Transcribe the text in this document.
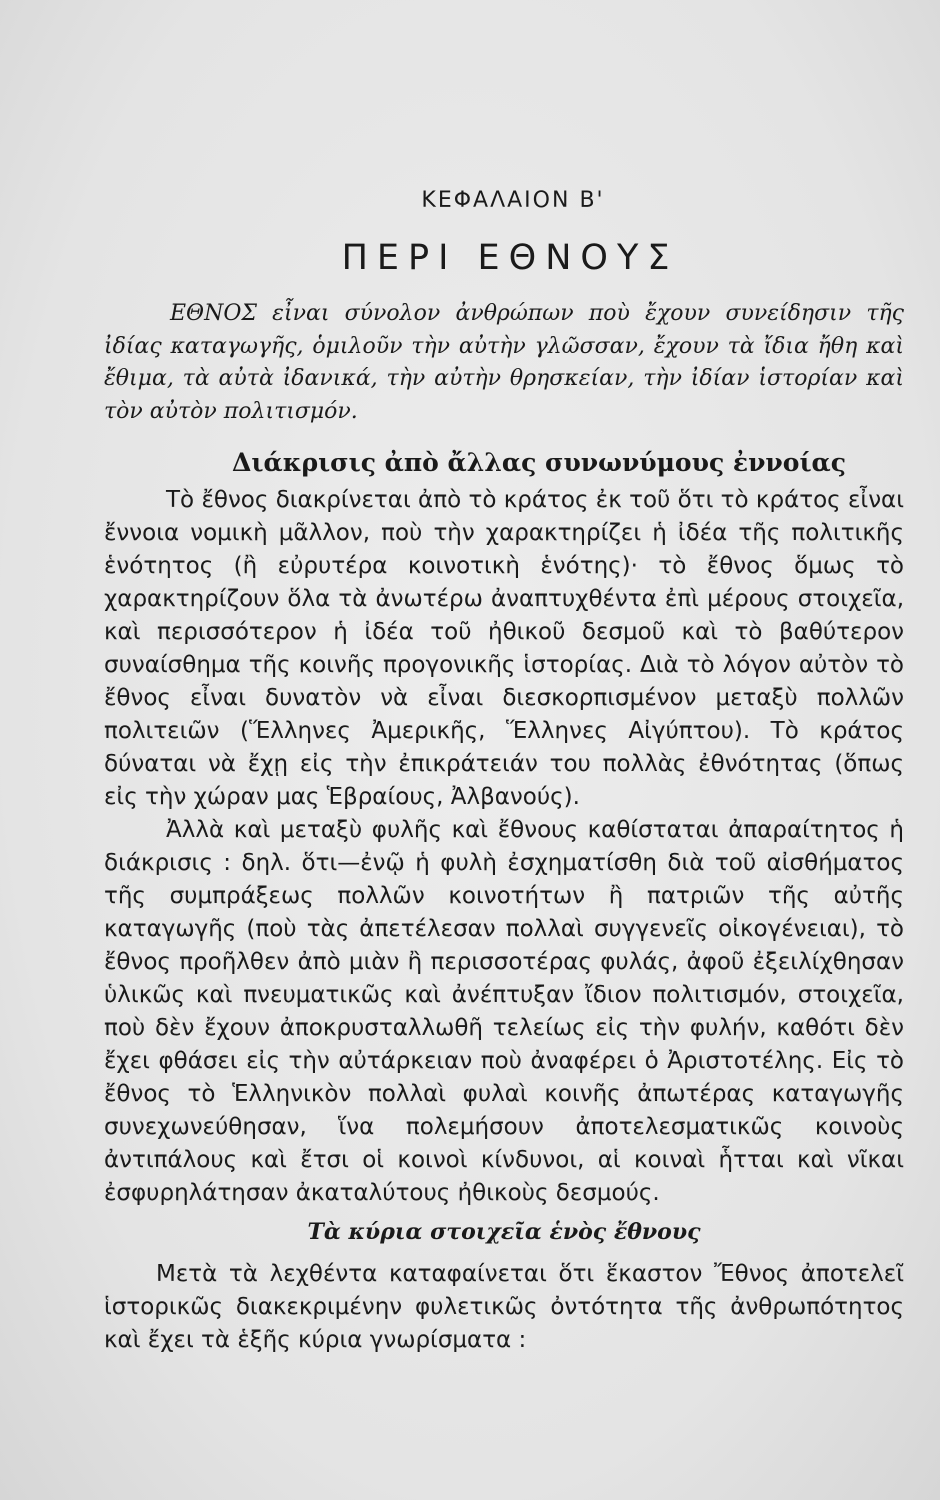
ΚΕΦΑΛΑΙΟΝ Β'
ΠΕΡΙ ΕΘΝΟΥΣ
ΕΘΝΟΣ εἶναι σύνολον ἀνθρώπων ποὺ ἔχουν συνείδησιν τῆς ἰδίας καταγωγῆς, ὁμιλοῦν τὴν αὐτὴν γλῶσσαν, ἔχουν τὰ ἴδια ἤθη καὶ ἔθιμα, τὰ αὐτὰ ἰδανικά, τὴν αὐτὴν θρησκείαν, τὴν ἰδίαν ἱστορίαν καὶ τὸν αὐτὸν πολιτισμόν.
Διάκρισις ἀπὸ ἄλλας συνωνύμους ἐννοίας

Τὸ ἔθνος διακρίνεται ἀπὸ τὸ κράτος ἐκ τοῦ ὅτι τὸ κράτος εἶναι ἔννοια νομικὴ μᾶλλον, ποὺ τὴν χαρακτηρίζει ἡ ἰδέα τῆς πολιτικῆς ἑνότητος (ἢ εὐρυτέρα κοινοτικὴ ἑνότης)· τὸ ἔθνος ὅμως τὸ χαρακτηρίζουν ὅλα τὰ ἀνωτέρω ἀναπτυχθέντα ἐπὶ μέρους στοιχεῖα, καὶ περισσότερον ἡ ἰδέα τοῦ ἠθικοῦ δεσμοῦ καὶ τὸ βαθύτερον συναίσθημα τῆς κοινῆς προγονικῆς ἱστορίας. Διὰ τὸ λόγον αὐτὸν τὸ ἔθνος εἶναι δυνατὸν νὰ εἶναι διεσκορπισμένον μεταξὺ πολλῶν πολιτειῶν (Ἕλληνες Ἀμερικῆς, Ἕλληνες Αἰγύπτου). Τὸ κράτος δύναται νὰ ἔχῃ εἰς τὴν ἐπικράτειάν του πολλὰς ἐθνότητας (ὅπως εἰς τὴν χώραν μας Ἑβραίους, Ἀλβανούς).

Ἀλλὰ καὶ μεταξὺ φυλῆς καὶ ἔθνους καθίσταται ἀπαραίτητος ἡ διάκρισις : δηλ. ὅτι—ἐνῷ ἡ φυλὴ ἐσχηματίσθη διὰ τοῦ αἰσθήματος τῆς συμπράξεως πολλῶν κοινοτήτων ἢ πατριῶν τῆς αὐτῆς καταγωγῆς (ποὺ τὰς ἀπετέλεσαν πολλαὶ συγγενεῖς οἰκογένειαι), τὸ ἔθνος προῆλθεν ἀπὸ μιὰν ἢ περισσοτέρας φυλάς, ἀφοῦ ἐξειλίχθησαν ὑλικῶς καὶ πνευματικῶς καὶ ἀνέπτυξαν ἴδιον πολιτισμόν, στοιχεῖα, ποὺ δὲν ἔχουν ἀποκρυσταλλωθῆ τελείως εἰς τὴν φυλήν, καθότι δὲν ἔχει φθάσει εἰς τὴν αὐτάρκειαν ποὺ ἀναφέρει ὁ Ἀριστοτέλης. Εἰς τὸ ἔθνος τὸ Ἑλληνικὸν πολλαὶ φυλαὶ κοινῆς ἀπωτέρας καταγωγῆς συνεχωνεύθησαν, ἵνα πολεμήσουν ἀποτελεσματικῶς κοινοὺς ἀντιπάλους καὶ ἔτσι οἱ κοινοὶ κίνδυνοι, αἱ κοιναὶ ἧτται καὶ νῖκαι ἐσφυρηλάτησαν ἀκαταλύτους ἠθικοὺς δεσμούς.

Τὰ κύρια στοιχεῖα ἑνὸς ἔθνους

Μετὰ τὰ λεχθέντα καταφαίνεται ὅτι ἕκαστον Ἔθνος ἀποτελεῖ ἱστορικῶς διακεκριμένην φυλετικῶς ὀντότητα τῆς ἀνθρωπότητος καὶ ἔχει τὰ ἑξῆς κύρια γνωρίσματα :
